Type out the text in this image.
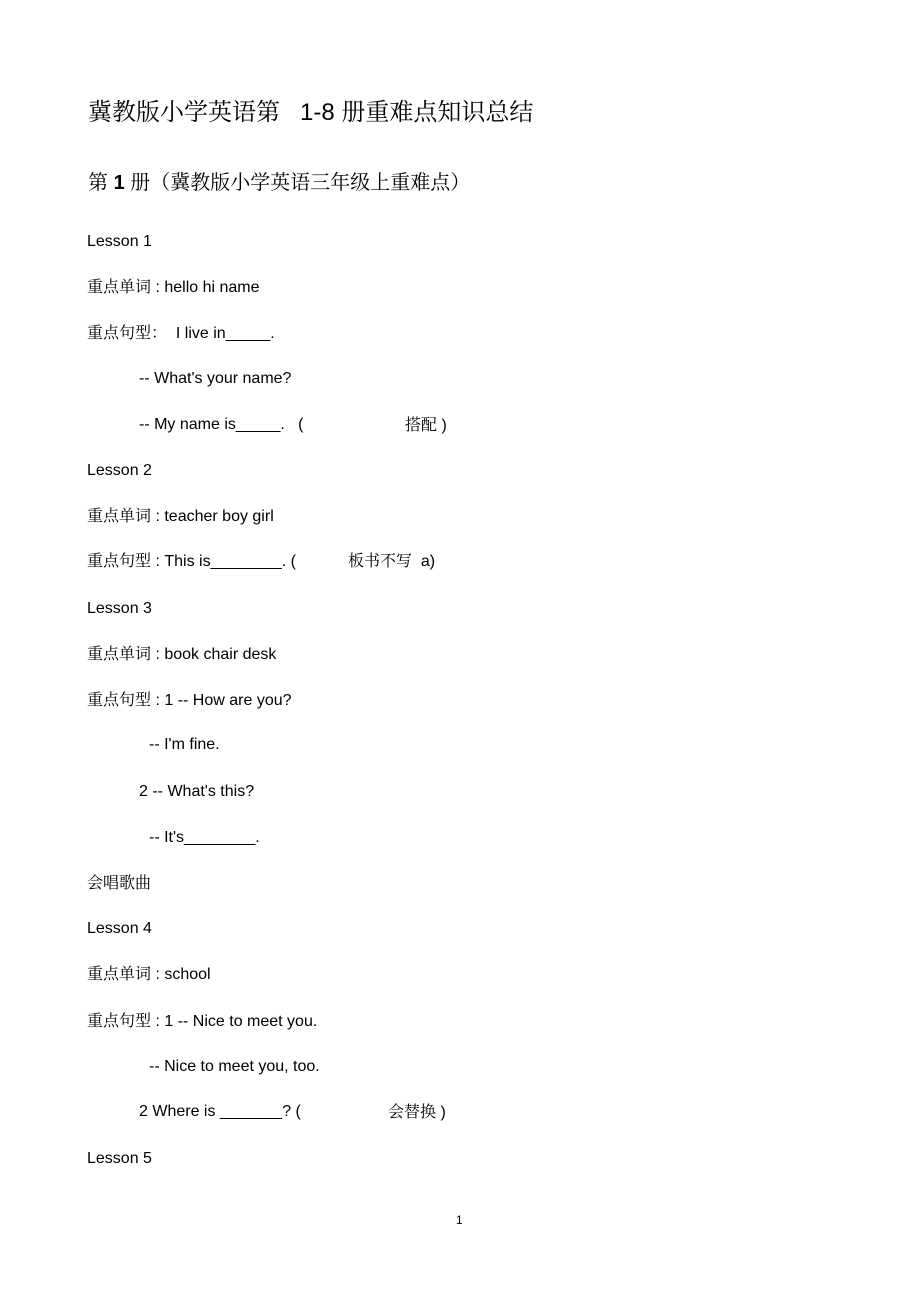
冀教版小学英语第 1-8 册重难点知识总结
第 1 册（冀教版小学英语三年级上重难点）
Lesson 1
重点单词 : hello hi name
重点句型：  I live in_____.
-- What's your name?
-- My name is_____.   (	搭配 )
Lesson 2
重点单词 : teacher boy girl
重点句型 : This is________. (	板书不写 a)
Lesson 3
重点单词 : book chair desk
重点句型 : 1 -- How are you?
-- I'm fine.
2 -- What's this?
-- It's________.
会唱歌曲
Lesson 4
重点单词 : school
重点句型 : 1 -- Nice to meet you.
-- Nice to meet you, too.
2 Where is _______? (	会替换 )
Lesson 5
1
